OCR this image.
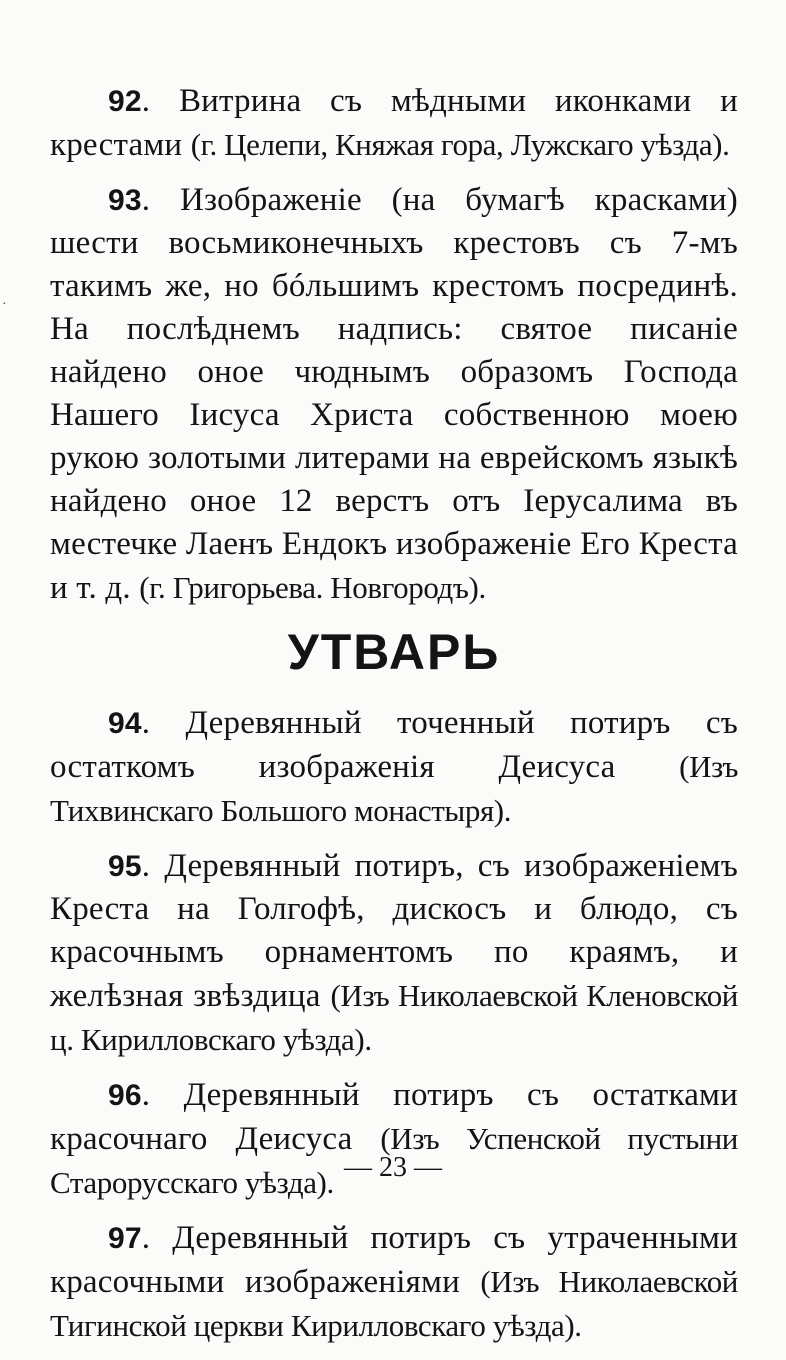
·

92. Витрина съ мѣдными иконками и крестами (г. Целепи, Княжая гора, Лужскаго уѣзда).

93. Изображеніе (на бумагѣ красками) шести восьмиконечныхъ крестовъ съ 7-мъ такимъ же, но бóльшимъ крестомъ посрединѣ. На послѣднемъ надпись: святое писаніе найдено оное чюднымъ образомъ Господа Нашего Іисуса Христа собственною моею рукою золотыми литерами на еврейскомъ языкѣ найдено оное 12 верстъ отъ Іерусалима въ местечке Лаенъ Ендокъ изображеніе Его Креста и т. д. (г. Григорьева. Новгородъ).

УТВАРЬ

94. Деревянный точенный потиръ съ остаткомъ изображенія Деисуса (Изъ Тихвинскаго Большого монастыря).

95. Деревянный потиръ, съ изображеніемъ Креста на Голгофѣ, дискосъ и блюдо, съ красочнымъ орнаментомъ по краямъ, и желѣзная звѣздица (Изъ Николаевской Кленовской ц. Кирилловскаго уѣзда).

96. Деревянный потиръ съ остатками красочнаго Деисуса (Изъ Успенской пустыни Старорусскаго уѣзда).

97. Деревянный потиръ съ утраченными красочными изображеніями (Изъ Николаевской Тигинской церкви Кирилловскаго уѣзда).

— 23 —
